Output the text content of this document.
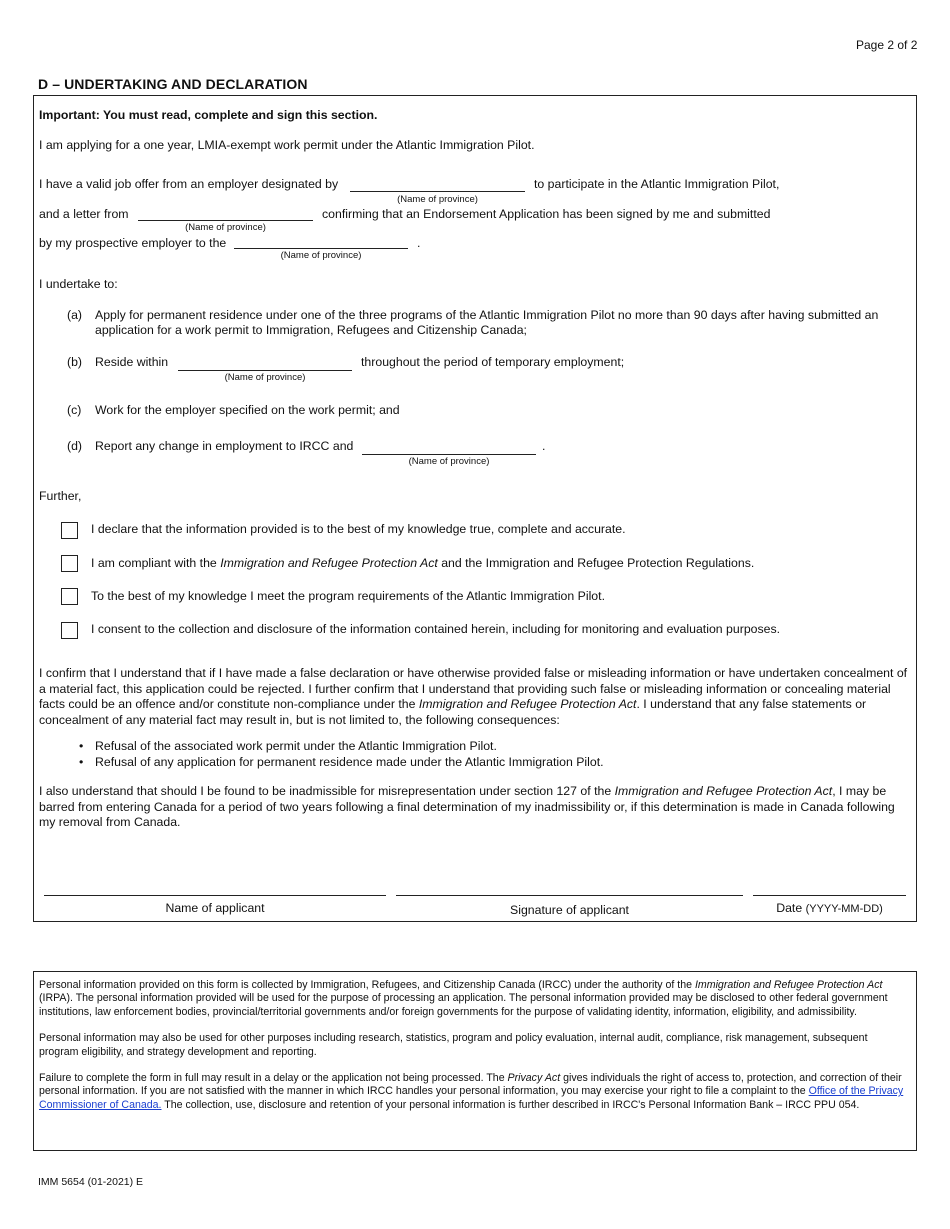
Page 2 of 2
D – UNDERTAKING AND DECLARATION
Important: You must read, complete and sign this section.
I am applying for a one year, LMIA-exempt work permit under the Atlantic Immigration Pilot.
I have a valid job offer from an employer designated by
(Name of province)
to participate in the Atlantic Immigration Pilot,
and a letter from
(Name of province)
confirming that an Endorsement Application has been signed by me and submitted
by my prospective employer to the
(Name of province)
.
I undertake to:
(a) Apply for permanent residence under one of the three programs of the Atlantic Immigration Pilot no more than 90 days after having submitted an
application for a work permit to Immigration, Refugees and Citizenship Canada;
(b) Reside within
(Name of province)
throughout the period of temporary employment;
(c) Work for the employer specified on the work permit; and
(d) Report any change in employment to IRCC and
(Name of province)
.
Further,
I declare that the information provided is to the best of my knowledge true, complete and accurate.
I am compliant with the Immigration and Refugee Protection Act and the Immigration and Refugee Protection Regulations.
To the best of my knowledge I meet the program requirements of the Atlantic Immigration Pilot.
I consent to the collection and disclosure of the information contained herein, including for monitoring and evaluation purposes.
I confirm that I understand that if I have made a false declaration or have otherwise provided false or misleading information or have undertaken concealment of a material fact, this application could be rejected. I further confirm that I understand that providing such false or misleading information or concealing material facts could be an offence and/or constitute non-compliance under the Immigration and Refugee Protection Act. I understand that any false statements or concealment of any material fact may result in, but is not limited to, the following consequences:
• Refusal of the associated work permit under the Atlantic Immigration Pilot.
• Refusal of any application for permanent residence made under the Atlantic Immigration Pilot.
I also understand that should I be found to be inadmissible for misrepresentation under section 127 of the Immigration and Refugee Protection Act, I may be barred from entering Canada for a period of two years following a final determination of my inadmissibility or, if this determination is made in Canada following my removal from Canada.
Name of applicant	Signature of applicant	Date (YYYY-MM-DD)

Personal information provided on this form is collected by Immigration, Refugees, and Citizenship Canada (IRCC) under the authority of the Immigration and Refugee Protection Act (IRPA). The personal information provided will be used for the purpose of processing an application. The personal information provided may be disclosed to other federal government institutions, law enforcement bodies, provincial/territorial governments and/or foreign governments for the purpose of validating identity, information, eligibility, and admissibility.

Personal information may also be used for other purposes including research, statistics, program and policy evaluation, internal audit, compliance, risk management, subsequent program eligibility, and strategy development and reporting.

Failure to complete the form in full may result in a delay or the application not being processed. The Privacy Act gives individuals the right of access to, protection, and correction of their personal information. If you are not satisfied with the manner in which IRCC handles your personal information, you may exercise your right to file a complaint to the Office of the Privacy Commissioner of Canada. The collection, use, disclosure and retention of your personal information is further described in IRCC's Personal Information Bank – IRCC PPU 054.

IMM 5654 (01-2021) E
